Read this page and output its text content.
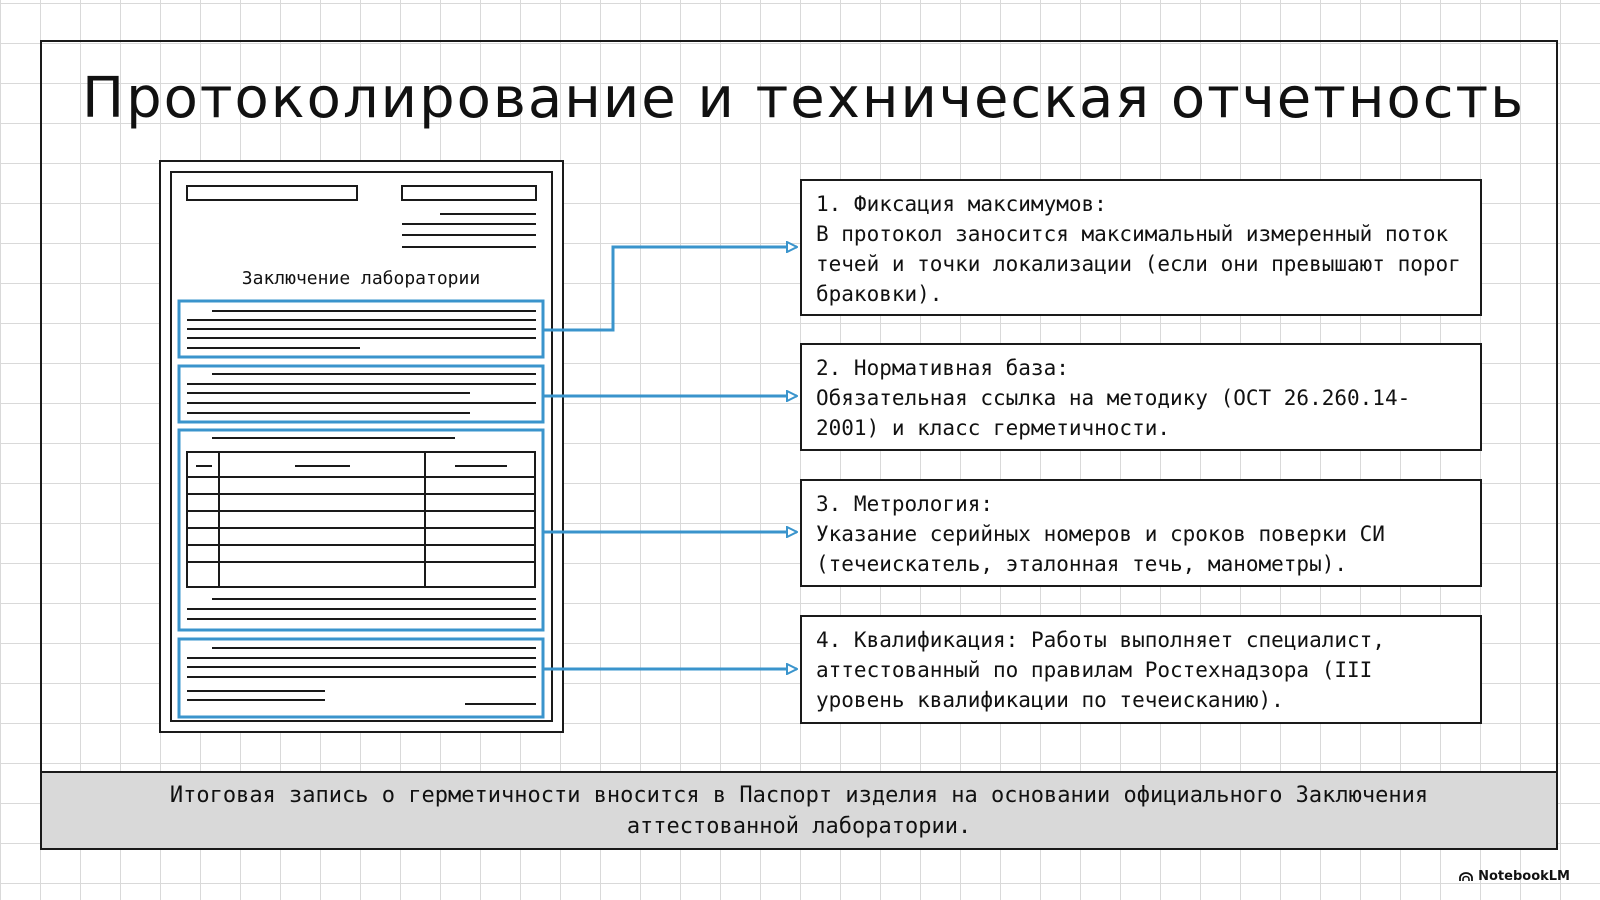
Протоколирование и техническая отчетность
Заключение лаборатории
1. Фиксация максимумов:
В протокол заносится максимальный измеренный поток течей и точки локализации (если они превышают порог браковки).
2. Нормативная база:
Обязательная ссылка на методику (ОСТ 26.260.14-2001) и класс герметичности.
3. Метрология:
Указание серийных номеров и сроков поверки СИ (течеискатель, эталонная течь, манометры).
4. Квалификация: Работы выполняет специалист, аттестованный по правилам Ростехнадзора (III уровень квалификации по течеисканию).
Итоговая запись о герметичности вносится в Паспорт изделия на основании официального Заключения аттестованной лаборатории.
NotebookLM
